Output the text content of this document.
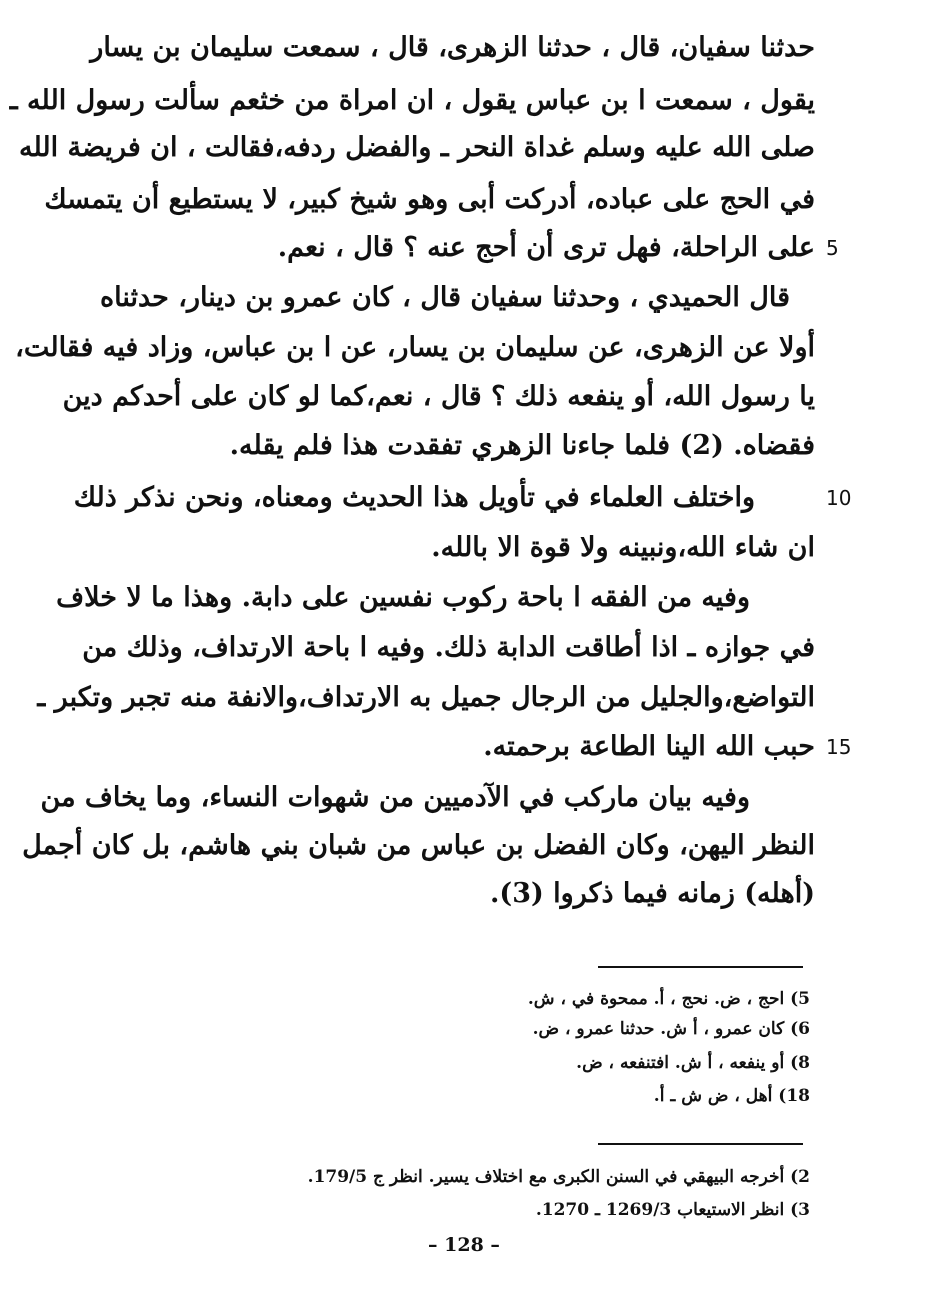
حدثنا سفيان، قال ، حدثنا الزهرى، قال ، سمعت سليمان بن يسار
يقول ، سمعت ا بن عباس يقول ، ان امراة من خثعم سألت رسول الله ـ
صلى الله عليه وسلم غداة النحر ـ والفضل ردفه،فقالت ، ان فريضة الله
في الحج على عباده، أدركت أبى وهو شيخ كبير، لا يستطيع أن يتمسك
على الراحلة، فهل ترى أن أحج عنه ؟ قال ، نعم. 5
قال الحميدي ، وحدثنا سفيان قال ، كان عمرو بن دينار، حدثناه
أولا عن الزهرى، عن سليمان بن يسار، عن ا بن عباس، وزاد فيه فقالت،
يا رسول الله، أو ينفعه ذلك ؟ قال ، نعم،كما لو كان على أحدكم دين
فقضاه. (2) فلما جاءنا الزهري تفقدت هذا فلم يقله.
واختلف العلماء في تأويل هذا الحديث ومعناه، ونحن نذكر ذلك	10
ان شاء الله،ونبينه ولا قوة الا بالله.
وفيه من الفقه ا باحة ركوب نفسين على دابة. وهذا ما لا خلاف
في جوازه ـ اذا أطاقت الدابة ذلك. وفيه ا باحة الارتداف، وذلك من
التواضع،والجليل من الرجال جميل به الارتداف،والانفة منه تجبر وتكبر ـ
حبب الله الينا الطاعة برحمته. 15
وفيه بيان ماركب في الآدميين من شهوات النساء، وما يخاف من
النظر اليهن، وكان الفضل بن عباس من شبان بني هاشم، بل كان أجمل
(أهله) زمانه فيما ذكروا (3).
5) احج ، ض. نحج ، أ. ممحوة في ، ش.
6) كان عمرو ، أ ش. حدثنا عمرو ، ض.
8) أو ينفعه ، أ ش. افتنفعه ، ض.
18) أهل ، ض ش ـ أ.
2) أخرجه البيهقي في السنن الكبرى مع اختلاف يسير. انظر ج 179/5.
3) انظر الاستيعاب 1269/3 ـ 1270.
– 128 –
